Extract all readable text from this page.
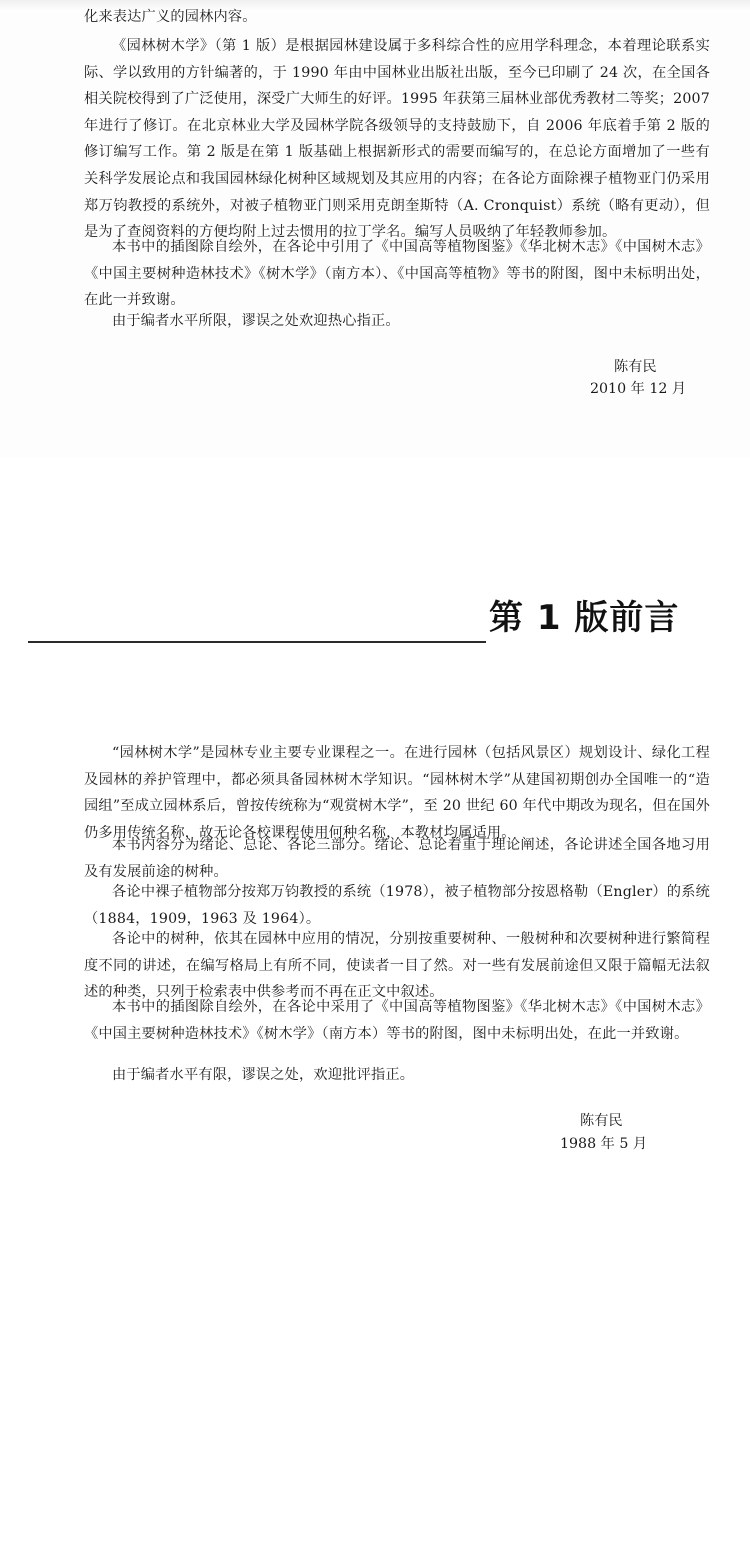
化来表达广义的园林内容。

《园林树木学》（第 1 版）是根据园林建设属于多科综合性的应用学科理念，本着理论联系实际、学以致用的方针编著的，于 1990 年由中国林业出版社出版，至今已印刷了 24 次，在全国各相关院校得到了广泛使用，深受广大师生的好评。1995 年获第三届林业部优秀教材二等奖；2007 年进行了修订。在北京林业大学及园林学院各级领导的支持鼓励下，自 2006 年底着手第 2 版的修订编写工作。第 2 版是在第 1 版基础上根据新形式的需要而编写的，在总论方面增加了一些有关科学发展论点和我国园林绿化树种区域规划及其应用的内容；在各论方面除裸子植物亚门仍采用郑万钧教授的系统外，对被子植物亚门则采用克朗奎斯特（A. Cronquist）系统（略有更动），但是为了查阅资料的方便均附上过去惯用的拉丁学名。编写人员吸纳了年轻教师参加。

本书中的插图除自绘外，在各论中引用了《中国高等植物图鉴》《华北树木志》《中国树木志》《中国主要树种造林技术》《树木学》（南方本）、《中国高等植物》等书的附图，图中未标明出处，在此一并致谢。

由于编者水平所限，谬误之处欢迎热心指正。

陈有民
2010 年 12 月
第 1 版前言

“园林树木学”是园林专业主要专业课程之一。在进行园林（包括风景区）规划设计、绿化工程及园林的养护管理中，都必须具备园林树木学知识。“园林树木学”从建国初期创办全国唯一的“造园组”至成立园林系后，曾按传统称为“观赏树木学”，至 20 世纪 60 年代中期改为现名，但在国外仍多用传统名称，故无论各校课程使用何种名称，本教材均属适用。

本书内容分为绪论、总论、各论三部分。绪论、总论着重于理论阐述，各论讲述全国各地习用及有发展前途的树种。

各论中裸子植物部分按郑万钧教授的系统（1978），被子植物部分按恩格勒（Engler）的系统（1884，1909，1963 及 1964）。

各论中的树种，依其在园林中应用的情况，分别按重要树种、一般树种和次要树种进行繁简程度不同的讲述，在编写格局上有所不同，使读者一目了然。对一些有发展前途但又限于篇幅无法叙述的种类，只列于检索表中供参考而不再在正文中叙述。

本书中的插图除自绘外，在各论中采用了《中国高等植物图鉴》《华北树木志》《中国树木志》《中国主要树种造林技术》《树木学》（南方本）等书的附图，图中未标明出处，在此一并致谢。

由于编者水平有限，谬误之处，欢迎批评指正。

陈有民
1988 年 5 月
